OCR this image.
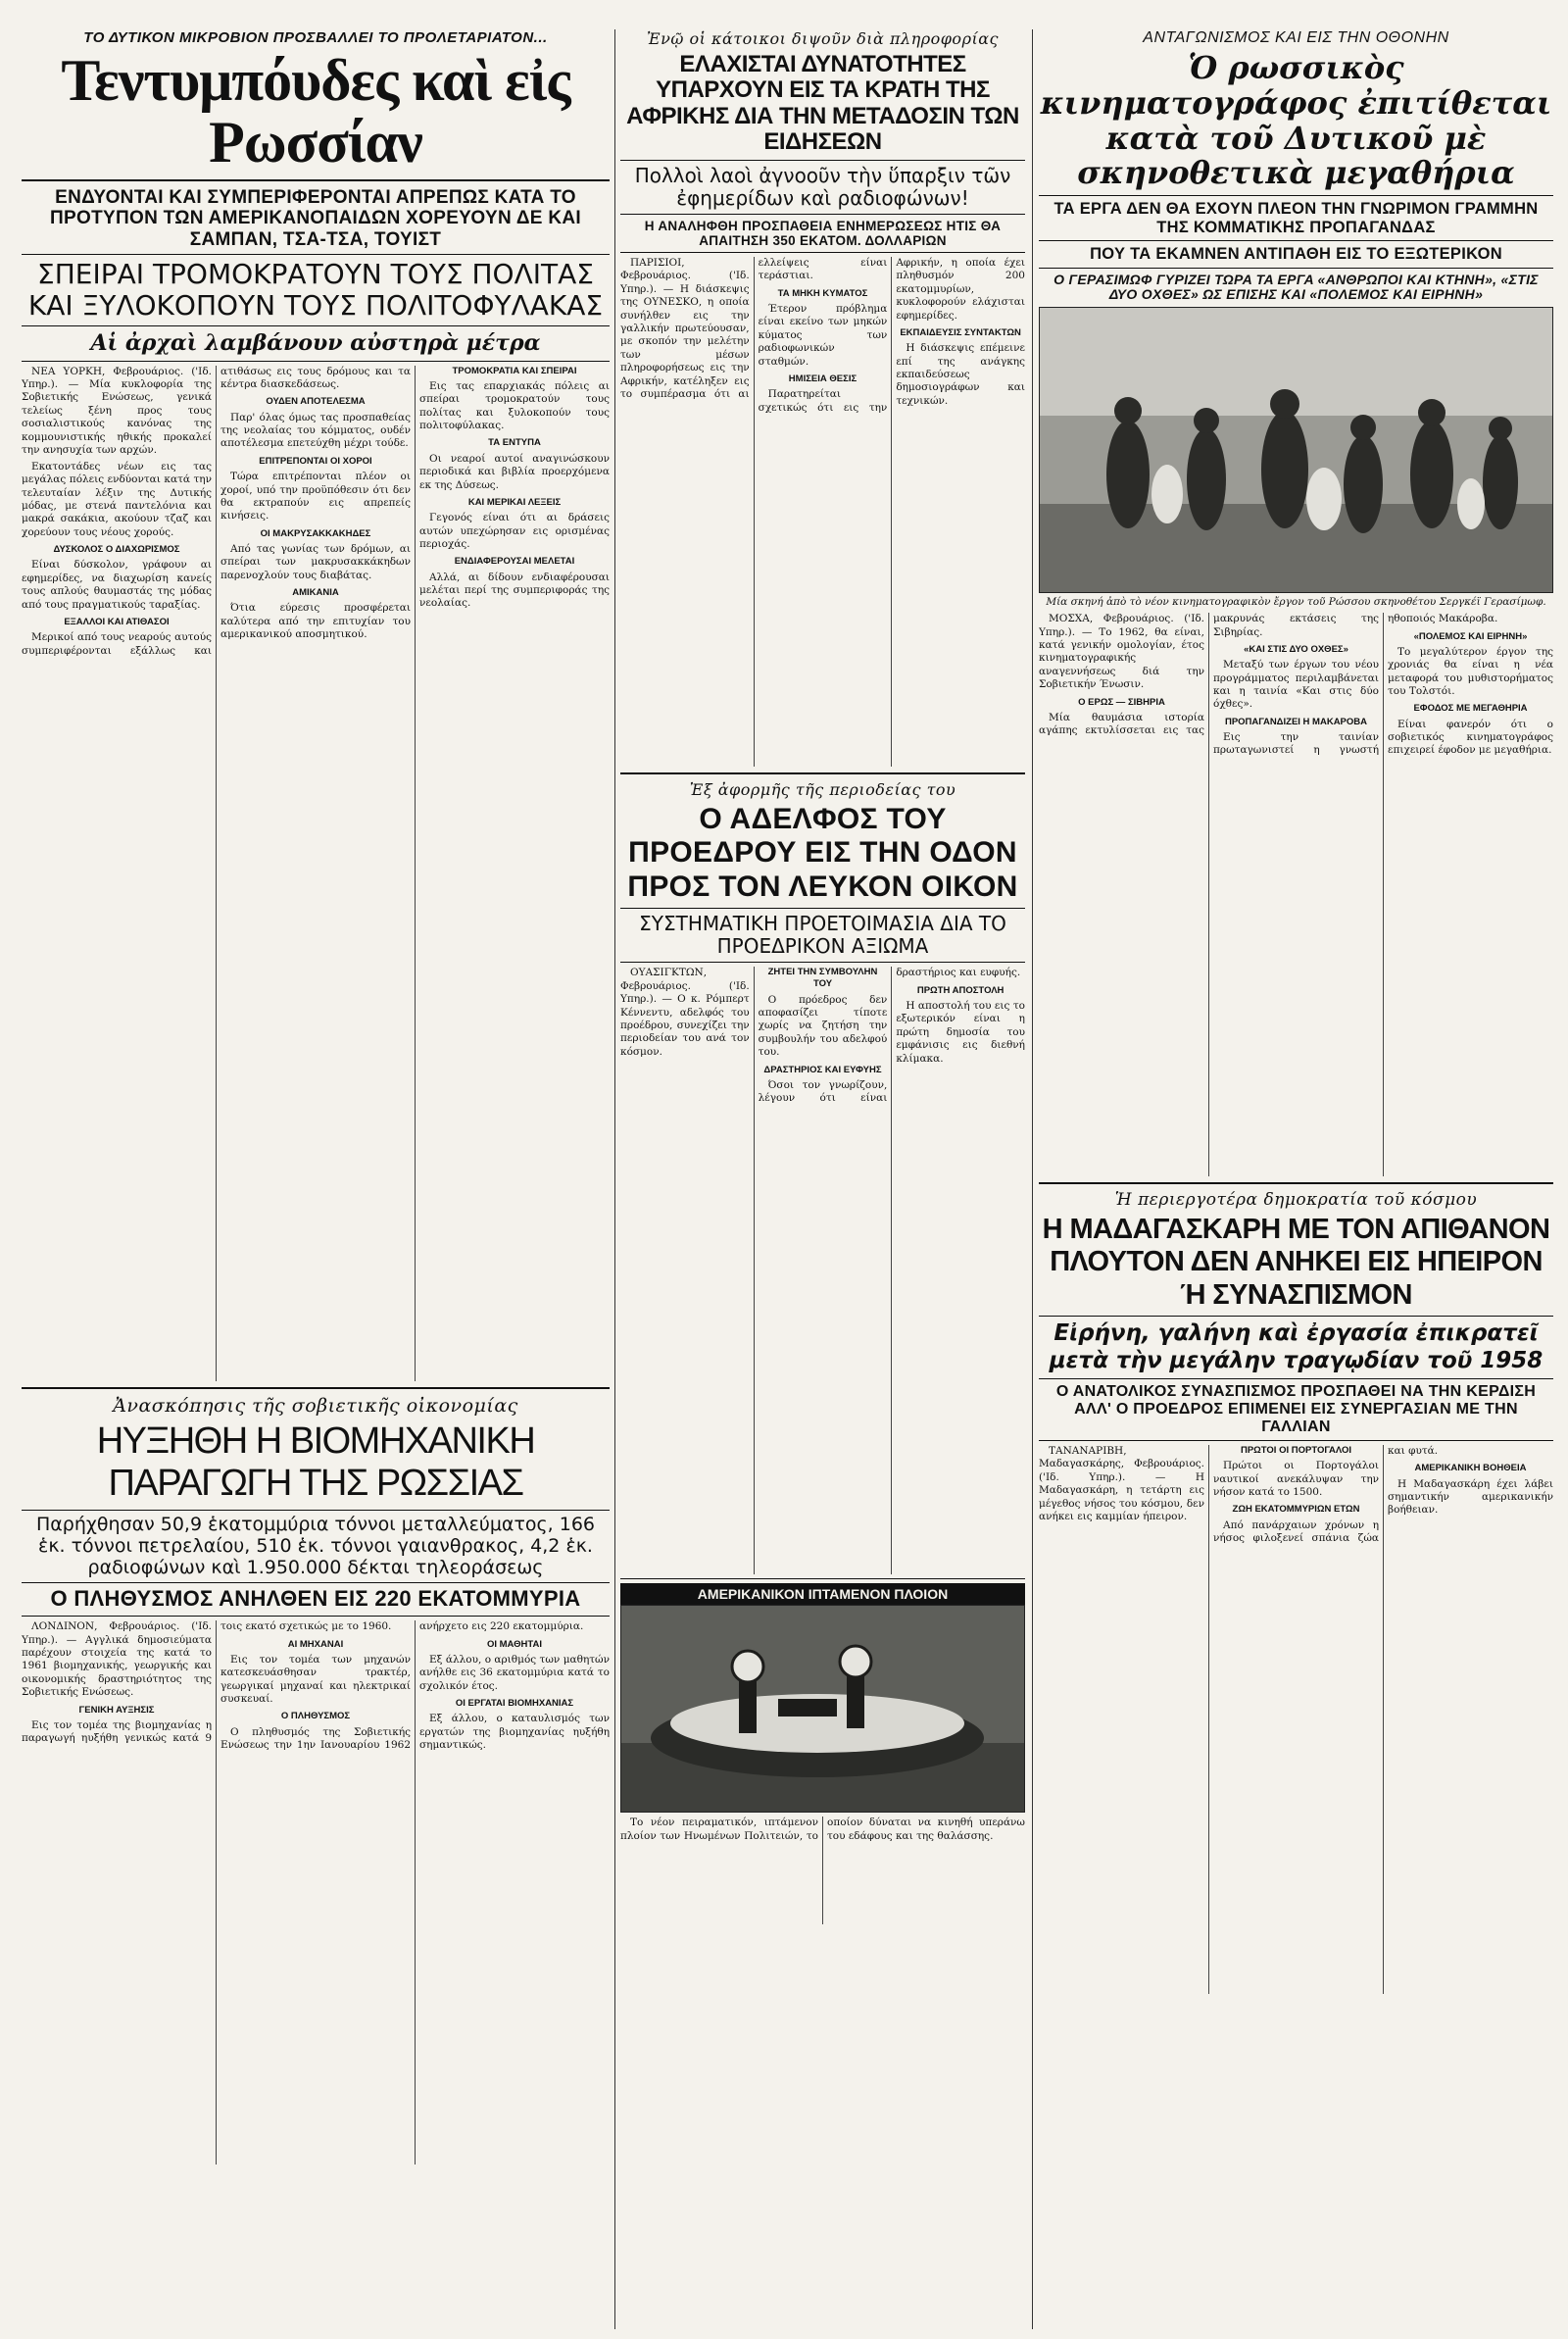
ΤΟ ΔΥΤΙΚΟΝ ΜΙΚΡΟΒΙΟΝ ΠΡΟΣΒΑΛΛΕΙ ΤΟ ΠΡΟΛΕΤΑΡΙΑΤΟΝ...
Τεντυμπόυδες καὶ εἰς Ρωσσίαν
ΕΝΔΥΟΝΤΑΙ ΚΑΙ ΣΥΜΠΕΡΙΦΕΡΟΝΤΑΙ ΑΠΡΕΠΩΣ ΚΑΤΑ ΤΟ ΠΡΟΤΥΠΟΝ ΤΩΝ ΑΜΕΡΙΚΑΝΟΠΑΙΔΩΝ ΧΟΡΕΥΟΥΝ ΔΕ ΚΑΙ ΣΑΜΠΑΝ, ΤΣΑ-ΤΣΑ, ΤΟΥΙΣΤ
ΣΠΕΙΡΑΙ ΤΡΟΜΟΚΡΑΤΟΥΝ ΤΟΥΣ ΠΟΛΙΤΑΣ ΚΑΙ ΞΥΛΟΚΟΠΟΥΝ ΤΟΥΣ ΠΟΛΙΤΟΦΥΛΑΚΑΣ
Αἱ ἀρχαὶ λαμβάνουν αὐστηρὰ μέτρα

ΝΕΑ ΥΟΡΚΗ, Φεβρουάριος. ('Ιδ. Υπηρ.). — Μία κυκλοφορία της Σοβιετικής Ενώσεως, γενικά τελείως ξένη προς τους σοσιαλιστικούς κανόνας της κομμουνιστικής ηθικής προκαλεί την ανησυχία των αρχών.

Εκατοντάδες νέων εις τας μεγάλας πόλεις ενδύονται κατά την τελευταίαν λέξιν της Δυτικής μόδας, με στενά παντελόνια και μακρά σακάκια, ακούουν τζαζ και χορεύουν τους νέους χορούς.

ΔΥΣΚΟΛΟΣ Ο ΔΙΑΧΩΡΙΣΜΟΣ

Είναι δύσκολον, γράφουν αι εφημερίδες, να διαχωρίση κανείς τους απλούς θαυμαστάς της μόδας από τους πραγματικούς ταραξίας.

ΕΞΑΛΛΟΙ ΚΑΙ ΑΤΙΘΑΣΟΙ

Μερικοί από τους νεαρούς αυτούς συμπεριφέρονται εξάλλως και ατιθάσως εις τους δρόμους και τα κέντρα διασκεδάσεως.

ΟΥΔΕΝ ΑΠΟΤΕΛΕΣΜΑ

Παρ' όλας όμως τας προσπαθείας της νεολαίας του κόμματος, ουδέν αποτέλεσμα επετεύχθη μέχρι τούδε.

ΕΠΙΤΡΕΠΟΝΤΑΙ ΟΙ ΧΟΡΟΙ

Τώρα επιτρέπονται πλέον οι χοροί, υπό την προϋπόθεσιν ότι δεν θα εκτραπούν εις απρεπείς κινήσεις.

ΟΙ ΜΑΚΡΥΣΑΚΚΑΚΗΔΕΣ

Από τας γωνίας των δρόμων, αι σπείραι των μακρυσακκάκηδων παρενοχλούν τους διαβάτας.

ΑΜΙΚΑΝΙΑ

Ότια εύρεσις προσφέρεται καλύτερα από την επιτυχίαν του αμερικανικού αποσμητικού.

ΤΡΟΜΟΚΡΑΤΙΑ ΚΑΙ ΣΠΕΙΡΑΙ

Εις τας επαρχιακάς πόλεις αι σπείραι τρομοκρατούν τους πολίτας και ξυλοκοπούν τους πολιτοφύλακας.

ΤΑ ΕΝΤΥΠΑ

Οι νεαροί αυτοί αναγινώσκουν περιοδικά και βιβλία προερχόμενα εκ της Δύσεως.

ΚΑΙ ΜΕΡΙΚΑΙ ΛΕΞΕΙΣ

Γεγονός είναι ότι αι δράσεις αυτών υπεχώρησαν εις ορισμένας περιοχάς.

ΕΝΔΙΑΦΕΡΟΥΣΑΙ ΜΕΛΕΤΑΙ

Αλλά, αι δίδουν ενδιαφέρουσαι μελέται περί της συμπεριφοράς της νεολαίας.

Ἀνασκόπησις τῆς σοβιετικῆς οἰκονομίας
ΗΥΞΗΘΗ Η ΒΙΟΜΗΧΑΝΙΚΗ ΠΑΡΑΓΩΓΗ ΤΗΣ ΡΩΣΣΙΑΣ
Παρήχθησαν 50,9 ἑκατομμύρια τόννοι μεταλλεύματος, 166 ἑκ. τόννοι πετρελαίου, 510 ἑκ. τόννοι γαιανθρακος, 4,2 ἑκ. ραδιοφώνων καὶ 1.950.000 δέκται τηλεοράσεως
Ο ΠΛΗΘΥΣΜΟΣ ΑΝΗΛΘΕΝ ΕΙΣ 220 ΕΚΑΤΟΜΜΥΡΙΑ

ΛΟΝΔΙΝΟΝ, Φεβρουάριος. ('Ιδ. Υπηρ.). — Αγγλικά δημοσιεύματα παρέχουν στοιχεία της κατά το 1961 βιομηχανικής, γεωργικής και οικονομικής δραστηριότητος της Σοβιετικής Ενώσεως.

ΓΕΝΙΚΗ ΑΥΞΗΣΙΣ

Εις τον τομέα της βιομηχανίας η παραγωγή ηυξήθη γενικώς κατά 9 τοις εκατό σχετικώς με το 1960.

ΑΙ ΜΗΧΑΝΑΙ

Εις τον τομέα των μηχανών κατεσκευάσθησαν τρακτέρ, γεωργικαί μηχαναί και ηλεκτρικαί συσκευαί.

Ο ΠΛΗΘΥΣΜΟΣ

Ο πληθυσμός της Σοβιετικής Ενώσεως την 1ην Ιανουαρίου 1962 ανήρχετο εις 220 εκατομμύρια.

ΟΙ ΜΑΘΗΤΑΙ

Εξ άλλου, ο αριθμός των μαθητών ανήλθε εις 36 εκατομμύρια κατά το σχολικόν έτος.

ΟΙ ΕΡΓΑΤΑΙ ΒΙΟΜΗΧΑΝΙΑΣ

Εξ άλλου, ο καταυλισμός των εργατών της βιομηχανίας ηυξήθη σημαντικώς.

Ἐνῷ οἱ κάτοικοι διψοῦν διὰ πληροφορίας
ΕΛΑΧΙΣΤΑΙ ΔΥΝΑΤΟΤΗΤΕΣ ΥΠΑΡΧΟΥΝ ΕΙΣ ΤΑ ΚΡΑΤΗ ΤΗΣ ΑΦΡΙΚΗΣ ΔΙΑ ΤΗΝ ΜΕΤΑΔΟΣΙΝ ΤΩΝ ΕΙΔΗΣΕΩΝ
Πολλοὶ λαοὶ ἀγνοοῦν τὴν ὕπαρξιν τῶν ἐφημερίδων καὶ ραδιοφώνων!
Η ΑΝΑΛΗΦΘΗ ΠΡΟΣΠΑΘΕΙΑ ΕΝΗΜΕΡΩΣΕΩΣ ΗΤΙΣ ΘΑ ΑΠΑΙΤΗΣΗ 350 ΕΚΑΤΟΜ. ΔΟΛΛΑΡΙΩΝ

ΠΑΡΙΣΙΟΙ, Φεβρουάριος. ('Ιδ. Υπηρ.). — Η διάσκεψις της ΟΥΝΕΣΚΟ, η οποία συνήλθεν εις την γαλλικήν πρωτεύουσαν, με σκοπόν την μελέτην των μέσων πληροφορήσεως εις την Αφρικήν, κατέληξεν εις το συμπέρασμα ότι αι ελλείψεις είναι τεράστιαι.

ΤΑ ΜΗΚΗ ΚΥΜΑΤΟΣ

Έτερον πρόβλημα είναι εκείνο των μηκών κύματος των ραδιοφωνικών σταθμών.

ΗΜΙΣΕΙΑ ΘΕΣΙΣ

Παρατηρείται σχετικώς ότι εις την Αφρικήν, η οποία έχει πληθυσμόν 200 εκατομμυρίων, κυκλοφορούν ελάχισται εφημερίδες.

ΕΚΠΑΙΔΕΥΣΙΣ ΣΥΝΤΑΚΤΩΝ

Η διάσκεψις επέμεινε επί της ανάγκης εκπαιδεύσεως δημοσιογράφων και τεχνικών.

Ἐξ ἀφορμῆς τῆς περιοδείας του
Ο ΑΔΕΛΦΟΣ ΤΟΥ ΠΡΟΕΔΡΟΥ ΕΙΣ ΤΗΝ ΟΔΟΝ ΠΡΟΣ ΤΟΝ ΛΕΥΚΟΝ ΟΙΚΟΝ
ΣΥΣΤΗΜΑΤΙΚΗ ΠΡΟΕΤΟΙΜΑΣΙΑ ΔΙΑ ΤΟ ΠΡΟΕΔΡΙΚΟΝ ΑΞΙΩΜΑ

ΟΥΑΣΙΓΚΤΩΝ, Φεβρουάριος. ('Ιδ. Υπηρ.). — Ο κ. Ρόμπερτ Κέννεντυ, αδελφός του προέδρου, συνεχίζει την περιοδείαν του ανά τον κόσμον.

ΖΗΤΕΙ ΤΗΝ ΣΥΜΒΟΥΛΗΝ ΤΟΥ

Ο πρόεδρος δεν αποφασίζει τίποτε χωρίς να ζητήση την συμβουλήν του αδελφού του.

ΔΡΑΣΤΗΡΙΟΣ ΚΑΙ ΕΥΦΥΗΣ

Όσοι τον γνωρίζουν, λέγουν ότι είναι δραστήριος και ευφυής.

ΠΡΩΤΗ ΑΠΟΣΤΟΛΗ

Η αποστολή του εις το εξωτερικόν είναι η πρώτη δημοσία του εμφάνισις εις διεθνή κλίμακα.

ΑΜΕΡΙΚΑΝΙΚΟΝ ΙΠΤΑΜΕΝΟΝ ΠΛΟΙΟΝ

Το νέον πειραματικόν, ιπτάμενον πλοίον των Ηνωμένων Πολιτειών, το οποίον δύναται να κινηθή υπεράνω του εδάφους και της θαλάσσης.

ΑΝΤΑΓΩΝΙΣΜΟΣ ΚΑΙ ΕΙΣ ΤΗΝ ΟΘΟΝΗΝ
Ὁ ρωσσικὸς κινηματογράφος ἐπιτίθεται κατὰ τοῦ Δυτικοῦ μὲ σκηνοθετικὰ μεγαθήρια
ΤΑ ΕΡΓΑ ΔΕΝ ΘΑ ΕΧΟΥΝ ΠΛΕΟΝ ΤΗΝ ΓΝΩΡΙΜΟΝ ΓΡΑΜΜΗΝ ΤΗΣ ΚΟΜΜΑΤΙΚΗΣ ΠΡΟΠΑΓΑΝΔΑΣ
ΠΟΥ ΤΑ ΕΚΑΜΝΕΝ ΑΝΤΙΠΑΘΗ ΕΙΣ ΤΟ ΕΞΩΤΕΡΙΚΟΝ
Ο ΓΕΡΑΣΙΜΩΦ ΓΥΡΙΖΕΙ ΤΩΡΑ ΤΑ ΕΡΓΑ «ΑΝΘΡΩΠΟΙ ΚΑΙ ΚΤΗΝΗ», «ΣΤΙΣ ΔΥΟ ΟΧΘΕΣ» ΩΣ ΕΠΙΣΗΣ ΚΑΙ «ΠΟΛΕΜΟΣ ΚΑΙ ΕΙΡΗΝΗ»
Μία σκηνή ἀπὸ τὸ νέον κινηματογραφικὸν ἔργον τοῦ Ρώσσου σκηνοθέτου Σεργκέϊ Γερασίμωφ.

ΜΟΣΧΑ, Φεβρουάριος. ('Ιδ. Υπηρ.). — Το 1962, θα είναι, κατά γενικήν ομολογίαν, έτος κινηματογραφικής αναγεννήσεως διά την Σοβιετικήν Ένωσιν.

Ο ΕΡΩΣ — ΣΙΒΗΡΙΑ

Μία θαυμάσια ιστορία αγάπης εκτυλίσσεται εις τας μακρυνάς εκτάσεις της Σιβηρίας.

«ΚΑΙ ΣΤΙΣ ΔΥΟ ΟΧΘΕΣ»

Μεταξύ των έργων του νέου προγράμματος περιλαμβάνεται και η ταινία «Και στις δύο όχθες».

ΠΡΟΠΑΓΑΝΔΙΖΕΙ Η ΜΑΚΑΡΟΒΑ

Εις την ταινίαν πρωταγωνιστεί η γνωστή ηθοποιός Μακάροβα.

«ΠΟΛΕΜΟΣ ΚΑΙ ΕΙΡΗΝΗ»

Το μεγαλύτερον έργον της χρονιάς θα είναι η νέα μεταφορά του μυθιστορήματος του Τολστόι.

ΕΦΟΔΟΣ ΜΕ ΜΕΓΑΘΗΡΙΑ

Είναι φανερόν ότι ο σοβιετικός κινηματογράφος επιχειρεί έφοδον με μεγαθήρια.

Ἡ περιεργοτέρα δημοκρατία τοῦ κόσμου
Η ΜΑΔΑΓΑΣΚΑΡΗ ΜΕ ΤΟΝ ΑΠΙΘΑΝΟΝ ΠΛΟΥΤΟΝ ΔΕΝ ΑΝΗΚΕΙ ΕΙΣ ΗΠΕΙΡΟΝ Ή ΣΥΝΑΣΠΙΣΜΟΝ
Εἰρήνη, γαλήνη καὶ ἐργασία ἐπικρατεῖ μετὰ τὴν μεγάλην τραγῳδίαν τοῦ 1958
Ο ΑΝΑΤΟΛΙΚΟΣ ΣΥΝΑΣΠΙΣΜΟΣ ΠΡΟΣΠΑΘΕΙ ΝΑ ΤΗΝ ΚΕΡΔΙΣΗ ΑΛΛ' Ο ΠΡΟΕΔΡΟΣ ΕΠΙΜΕΝΕΙ ΕΙΣ ΣΥΝΕΡΓΑΣΙΑΝ ΜΕ ΤΗΝ ΓΑΛΛΙΑΝ

ΤΑΝΑΝΑΡΙΒΗ, Μαδαγασκάρης, Φεβρουάριος. ('Ιδ. Υπηρ.). — Η Μαδαγασκάρη, η τετάρτη εις μέγεθος νήσος του κόσμου, δεν ανήκει εις καμμίαν ήπειρον.

ΠΡΩΤΟΙ ΟΙ ΠΟΡΤΟΓΑΛΟΙ

Πρώτοι οι Πορτογάλοι ναυτικοί ανεκάλυψαν την νήσον κατά το 1500.

ΖΩΗ ΕΚΑΤΟΜΜΥΡΙΩΝ ΕΤΩΝ

Από πανάρχαιων χρόνων η νήσος φιλοξενεί σπάνια ζώα και φυτά.

ΑΜΕΡΙΚΑΝΙΚΗ ΒΟΗΘΕΙΑ

Η Μαδαγασκάρη έχει λάβει σημαντικήν αμερικανικήν βοήθειαν.
